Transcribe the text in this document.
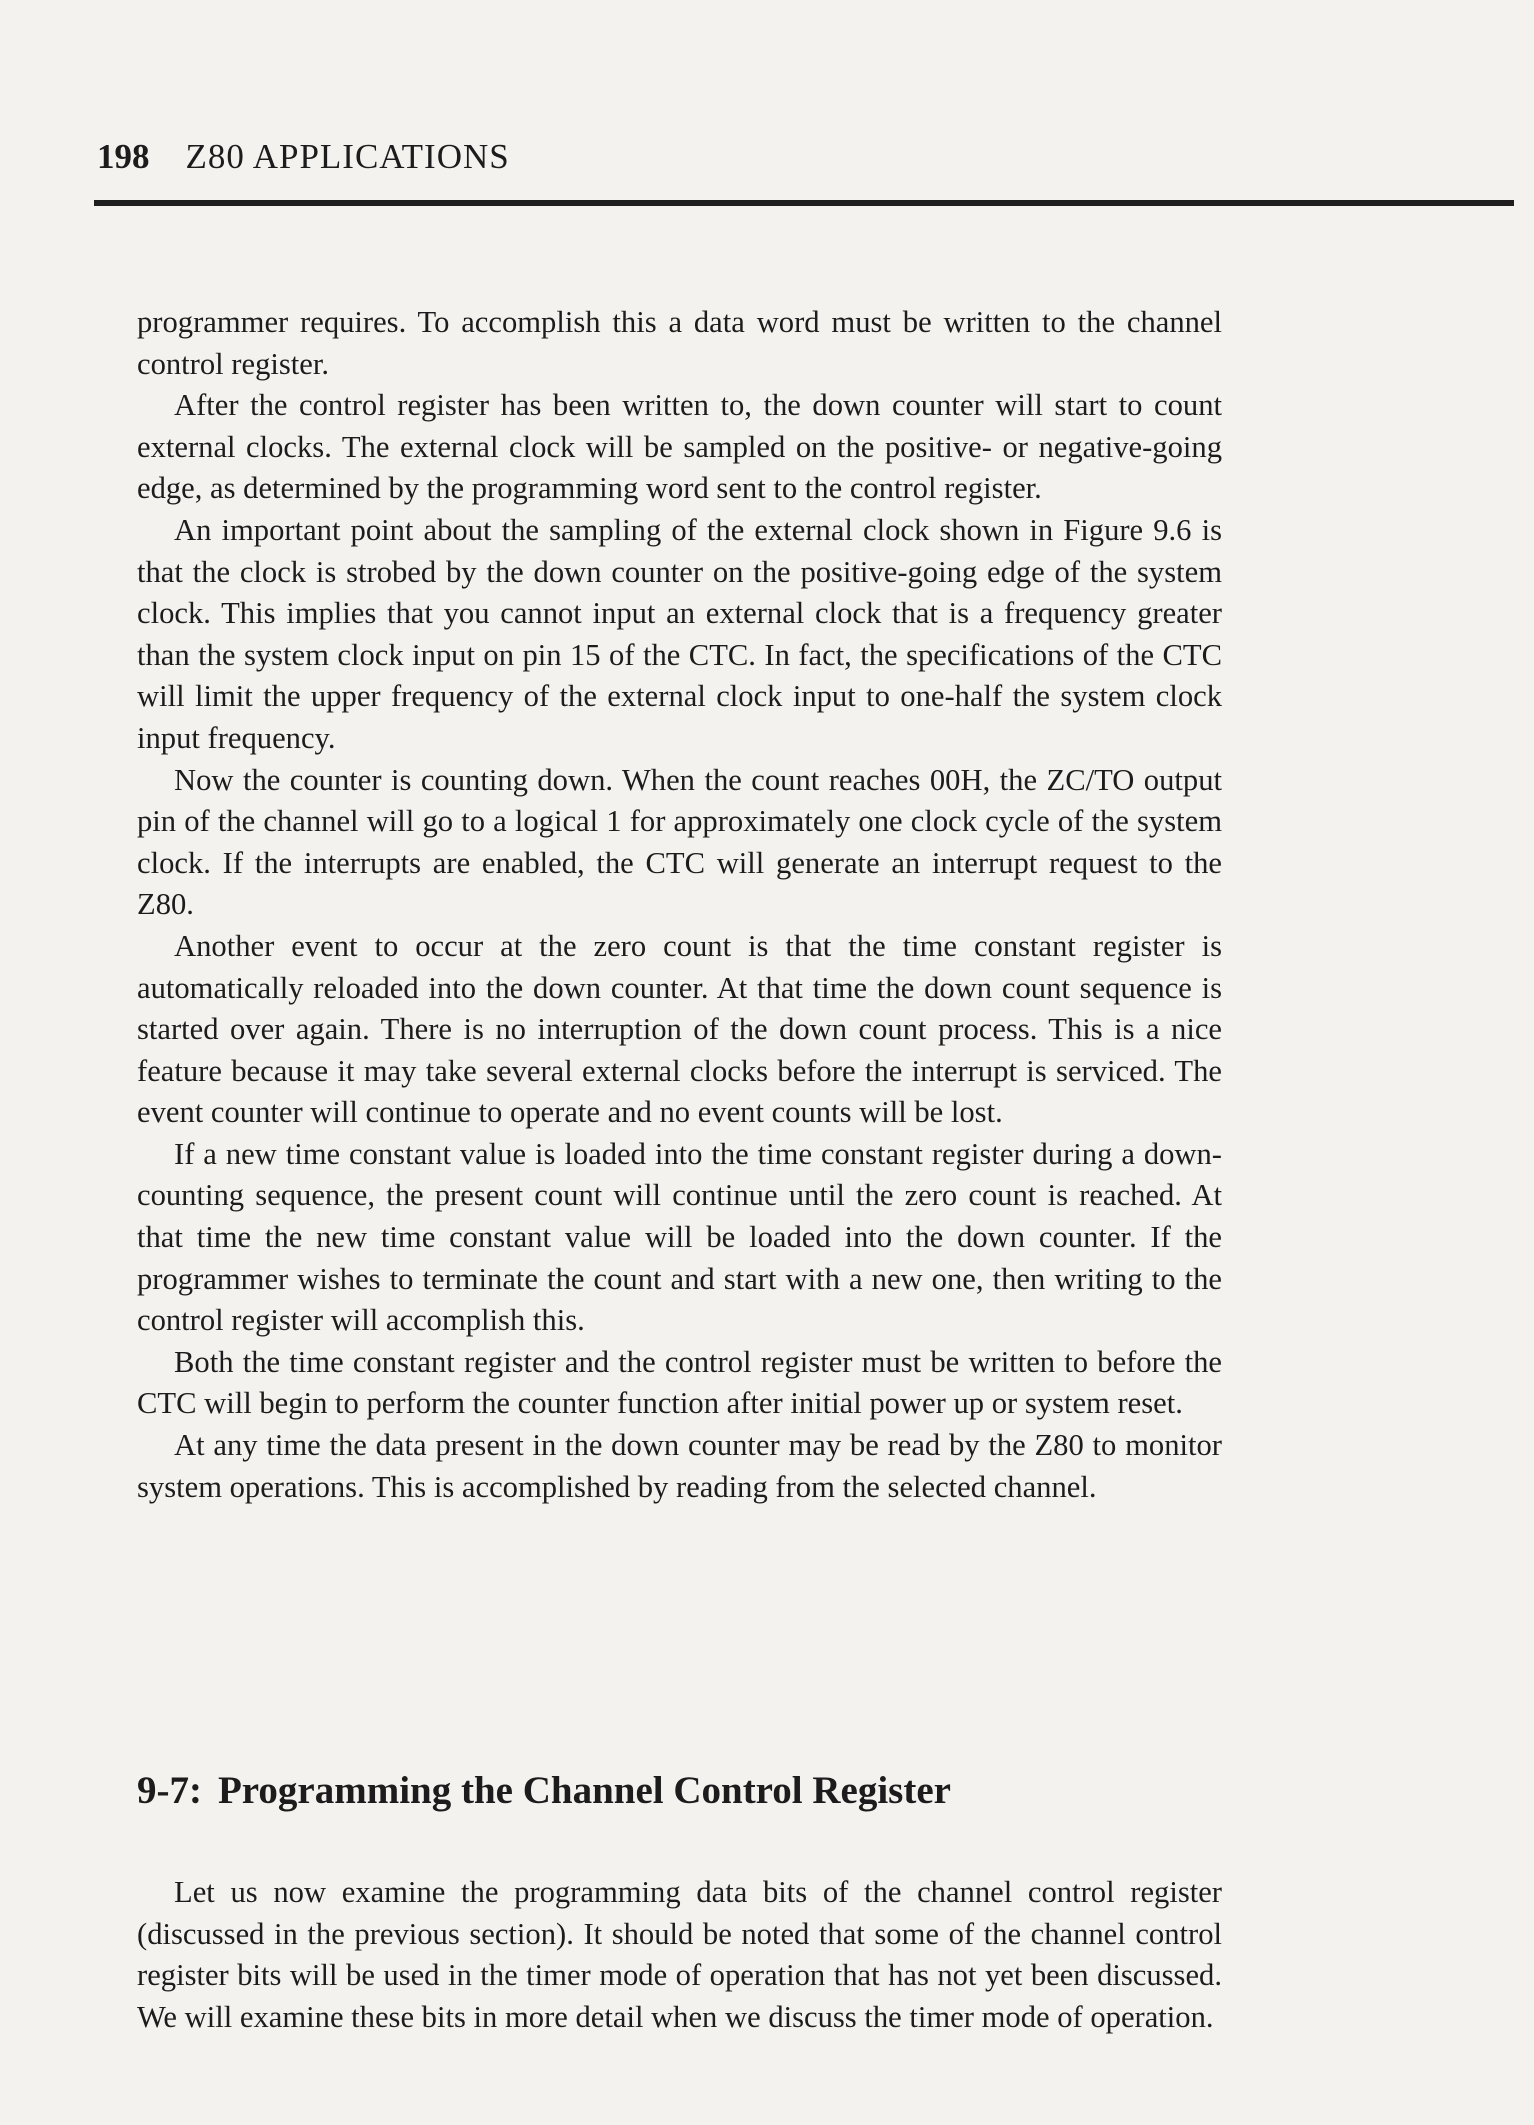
198 Z80 APPLICATIONS

programmer requires. To accomplish this a data word must be written to the channel control register.

After the control register has been written to, the down counter will start to count external clocks. The external clock will be sampled on the positive- or negative-going edge, as determined by the programming word sent to the control register.

An important point about the sampling of the external clock shown in Figure 9.6 is that the clock is strobed by the down counter on the positive-going edge of the system clock. This implies that you cannot input an external clock that is a frequency greater than the system clock input on pin 15 of the CTC. In fact, the specifications of the CTC will limit the upper frequency of the external clock input to one-half the system clock input frequency.

Now the counter is counting down. When the count reaches 00H, the ZC/TO output pin of the channel will go to a logical 1 for approximately one clock cycle of the system clock. If the interrupts are enabled, the CTC will generate an interrupt request to the Z80.

Another event to occur at the zero count is that the time constant register is automatically reloaded into the down counter. At that time the down count sequence is started over again. There is no interruption of the down count process. This is a nice feature because it may take several external clocks before the interrupt is serviced. The event counter will continue to operate and no event counts will be lost.

If a new time constant value is loaded into the time constant register during a down-counting sequence, the present count will continue until the zero count is reached. At that time the new time constant value will be loaded into the down counter. If the programmer wishes to terminate the count and start with a new one, then writing to the control register will accomplish this.

Both the time constant register and the control register must be written to before the CTC will begin to perform the counter function after initial power up or system reset.

At any time the data present in the down counter may be read by the Z80 to monitor system operations. This is accomplished by reading from the selected channel.

9-7: Programming the Channel Control Register

Let us now examine the programming data bits of the channel control register (discussed in the previous section). It should be noted that some of the channel control register bits will be used in the timer mode of operation that has not yet been discussed. We will examine these bits in more detail when we discuss the timer mode of operation.
